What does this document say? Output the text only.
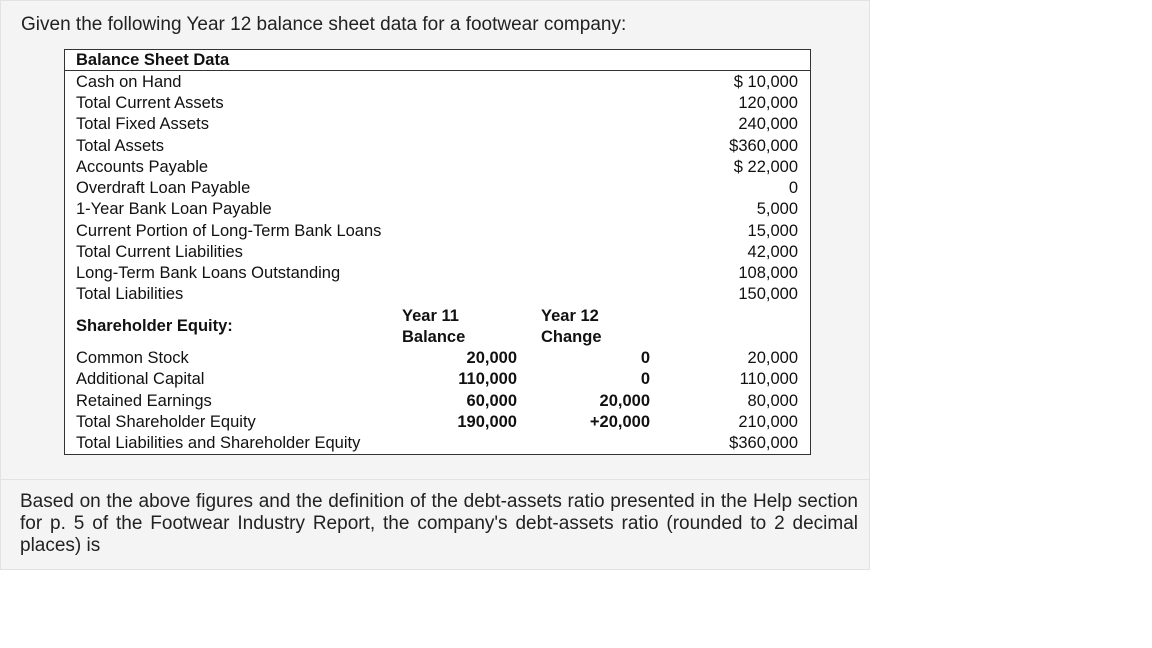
Given the following Year 12 balance sheet data for a footwear company:
Balance Sheet Data
Cash on Hand	$ 10,000
Total Current Assets	120,000
Total Fixed Assets	240,000
Total Assets	$360,000
Accounts Payable	$ 22,000
Overdraft Loan Payable	0
1-Year Bank Loan Payable	5,000
Current Portion of Long-Term Bank Loans	15,000
Total Current Liabilities	42,000
Long-Term Bank Loans Outstanding	108,000
Total Liabilities	150,000
Shareholder Equity:
Year 11
Balance
Year 12
Change
Common Stock	20,000	0	20,000
Additional Capital	110,000	0	110,000
Retained Earnings	60,000	20,000	80,000
Total Shareholder Equity	190,000	+20,000	210,000
Total Liabilities and Shareholder Equity	$360,000
Based on the above figures and the definition of the debt-assets ratio presented in the Help section for p. 5 of the Footwear Industry Report, the company's debt-assets ratio (rounded to 2 decimal places) is
